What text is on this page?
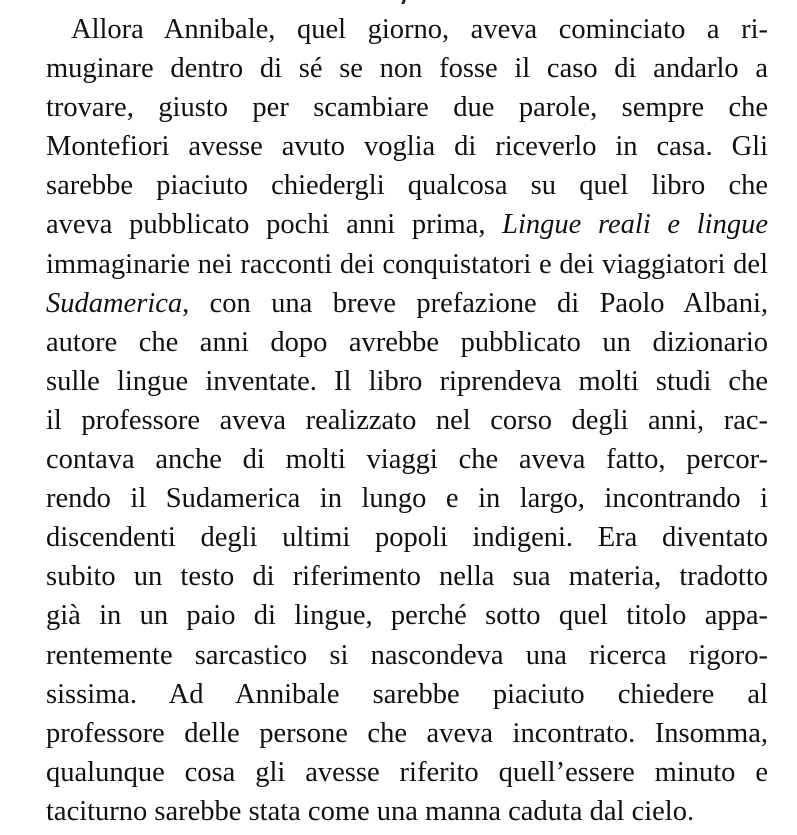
Allora Annibale, quel giorno, aveva cominciato a ri-
muginare dentro di sé se non fosse il caso di andarlo a
trovare, giusto per scambiare due parole, sempre che
Montefiori avesse avuto voglia di riceverlo in casa. Gli
sarebbe piaciuto chiedergli qualcosa su quel libro che
aveva pubblicato pochi anni prima, Lingue reali e lingue
immaginarie nei racconti dei conquistatori e dei viaggiatori del
Sudamerica, con una breve prefazione di Paolo Albani,
autore che anni dopo avrebbe pubblicato un dizionario
sulle lingue inventate. Il libro riprendeva molti studi che
il professore aveva realizzato nel corso degli anni, rac-
contava anche di molti viaggi che aveva fatto, percor-
rendo il Sudamerica in lungo e in largo, incontrando i
discendenti degli ultimi popoli indigeni. Era diventato
subito un testo di riferimento nella sua materia, tradotto
già in un paio di lingue, perché sotto quel titolo appa-
rentemente sarcastico si nascondeva una ricerca rigoro-
sissima. Ad Annibale sarebbe piaciuto chiedere al
professore delle persone che aveva incontrato. Insomma,
qualunque cosa gli avesse riferito quell’essere minuto e
taciturno sarebbe stata come una manna caduta dal cielo.
